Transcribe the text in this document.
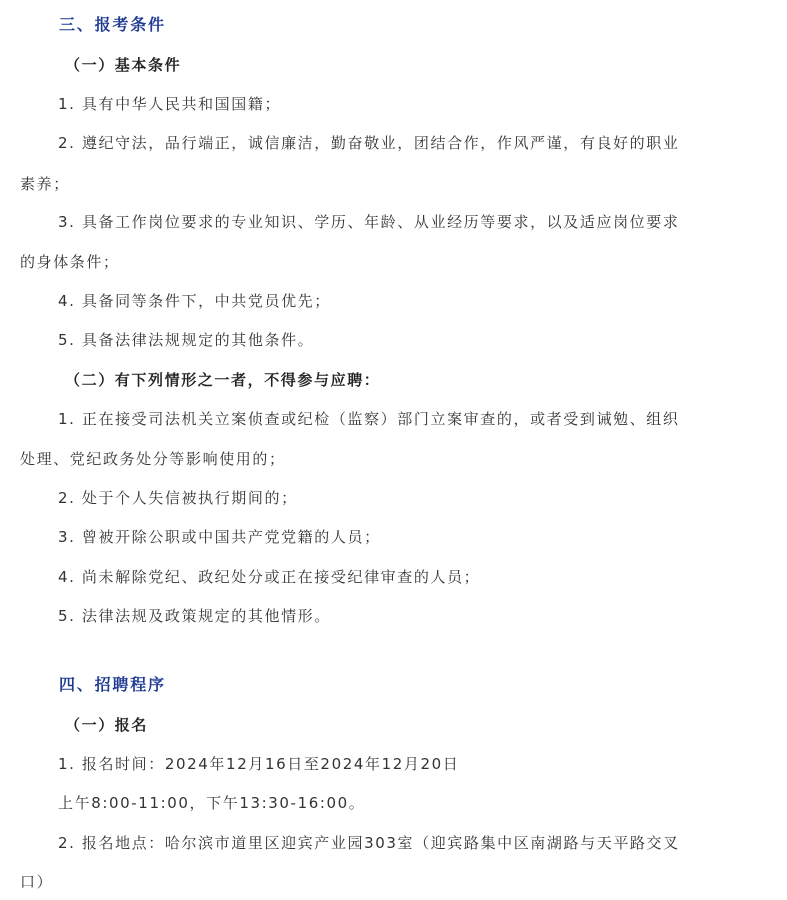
三、报考条件
（一）基本条件
1. 具有中华人民共和国国籍；
2. 遵纪守法，品行端正，诚信廉洁，勤奋敬业，团结合作，作风严谨，有良好的职业
素养；
3. 具备工作岗位要求的专业知识、学历、年龄、从业经历等要求，以及适应岗位要求
的身体条件；
4. 具备同等条件下，中共党员优先；
5. 具备法律法规规定的其他条件。
（二）有下列情形之一者，不得参与应聘：
1. 正在接受司法机关立案侦查或纪检（监察）部门立案审查的，或者受到诫勉、组织
处理、党纪政务处分等影响使用的；
2. 处于个人失信被执行期间的；
3. 曾被开除公职或中国共产党党籍的人员；
4. 尚未解除党纪、政纪处分或正在接受纪律审查的人员；
5. 法律法规及政策规定的其他情形。
四、招聘程序
（一）报名
1. 报名时间：2024年12月16日至2024年12月20日
上午8:00-11:00，下午13:30-16:00。
2. 报名地点：哈尔滨市道里区迎宾产业园303室（迎宾路集中区南湖路与天平路交叉
口）
